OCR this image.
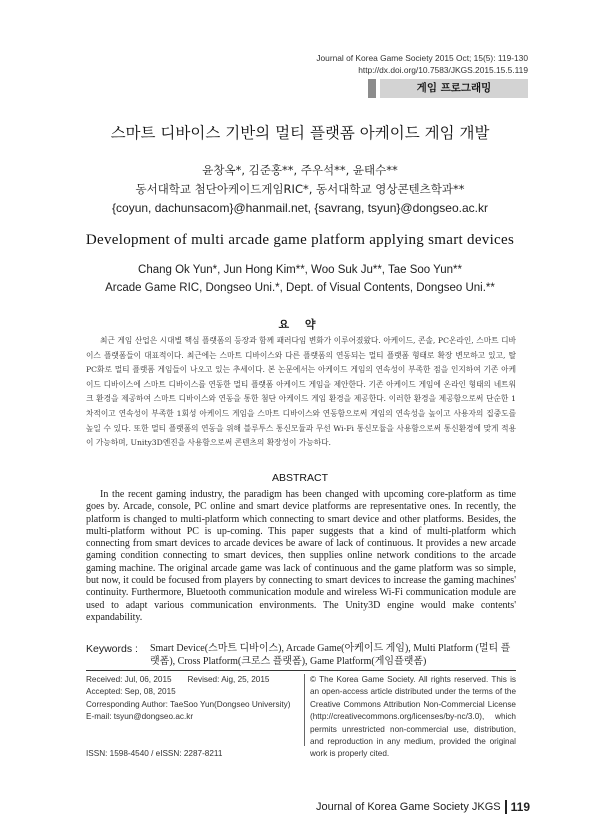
Journal of Korea Game Society 2015 Oct; 15(5): 119-130
http://dx.doi.org/10.7583/JKGS.2015.15.5.119
게임 프로그래밍
스마트 디바이스 기반의 멀티 플랫폼 아케이드 게임 개발
윤창옥*, 김준홍**, 주우석**, 윤태수**
동서대학교 첨단아케이드게임RIC*, 동서대학교 영상콘텐츠학과**
{coyun, dachunsacom}@hanmail.net, {savrang, tsyun}@dongseo.ac.kr
Development of multi arcade game platform applying smart devices
Chang Ok Yun*, Jun Hong Kim**, Woo Suk Ju**, Tae Soo Yun**
Arcade Game RIC, Dongseo Uni.*, Dept. of Visual Contents, Dongseo Uni.**
요 약
최근 게임 산업은 시대별 핵심 플랫폼의 등장과 함께 패러다임 변화가 이루어졌왔다. 아케이드, 콘솔, PC온라인, 스마트 디바이스 플랫폼들이 대표적이다. 최근에는 스마트 디바이스와 다른 플랫폼의 연동되는 멀티 플랫폼 형태로 확장 변모하고 있고, 탈 PC화로 멀티 플랫폼 게임들이 나오고 있는 추세이다. 본 논문에서는 아케이드 게임의 연속성이 부족한 점을 인지하여 기존 아케이드 디바이스에 스마트 디바이스를 연동한 멀티 플랫폼 아케이드 게임을 제안한다. 기존 아케이드 게임에 온라인 형태의 네트워크 환경을 제공하여 스마트 디바이스와 연동을 통한 첨단 아케이드 게임 환경을 제공한다. 이러한 환경을 제공함으로써 단순한 1차적이고 연속성이 부족한 1회성 아케이드 게임을 스마트 디바이스와 연동함으로써 게임의 연속성을 높이고 사용자의 집중도를 높일 수 있다. 또한 멀티 플랫폼의 연동을 위해 블루투스 통신모듈과 무선 Wi-Fi 통신모듈을 사용함으로써 통신환경에 맞게 적용이 가능하며, Unity3D엔진을 사용함으로써 콘텐츠의 확장성이 가능하다.
ABSTRACT
In the recent gaming industry, the paradigm has been changed with upcoming core-platform as time goes by. Arcade, console, PC online and smart device platforms are representative ones. In recently, the platform is changed to multi-platform which connecting to smart device and other platforms. Besides, the multi-platform without PC is up-coming. This paper suggests that a kind of multi-platform which connecting from smart devices to arcade devices be aware of lack of continuous. It provides a new arcade gaming condition connecting to smart devices, then supplies online network conditions to the arcade gaming machine. The original arcade game was lack of continuous and the game platform was so simple, but now, it could be focused from players by connecting to smart devices to increase the gaming machines' continuity. Furthermore, Bluetooth communication module and wireless Wi-Fi communication module are used to adapt various communication environments. The Unity3D engine would make contents' expandability.
Keywords :	Smart Device(스마트 디바이스), Arcade Game(아케이드 게임), Multi Platform (멀티 플랫폼), Cross Platform(크로스 플랫폼), Game Platform(게임플랫폼)
Received: Jul, 06, 2015 Revised: Aig, 25, 2015
Accepted: Sep, 08, 2015
Corresponding Author: TaeSoo Yun(Dongseo University)
E-mail: tsyun@dongseo.ac.kr
ISSN: 1598-4540 / eISSN: 2287-8211
© The Korea Game Society. All rights reserved. This is an open-access article distributed under the terms of the Creative Commons Attribution Non-Commercial License (http://creativecommons.org/licenses/by-nc/3.0), which permits unrestricted non-commercial use, distribution, and reproduction in any medium, provided the original work is properly cited.
Journal of Korea Game Society JKGS 119
